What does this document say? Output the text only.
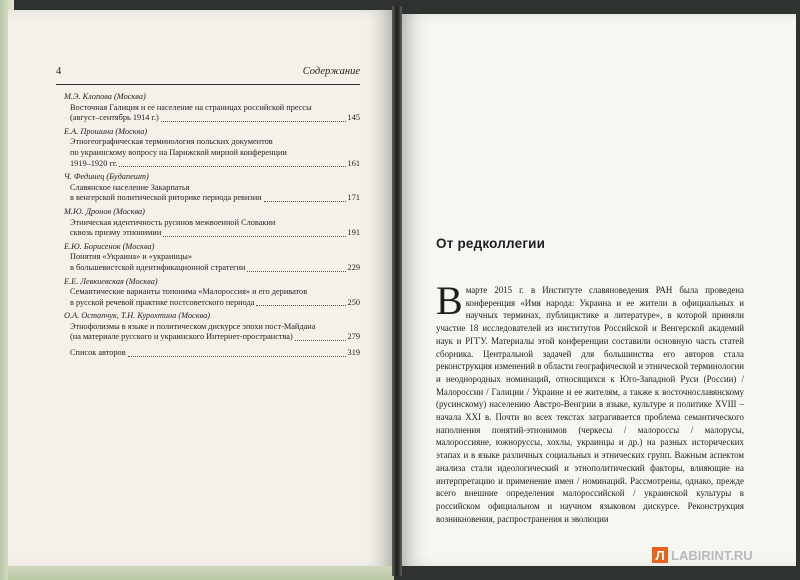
4	Содержание
М.Э. Клопова (Москва)
Восточная Галиция и ее население на страницах российской прессы
(август–сентябрь 1914 г.)	145
Е.А. Прошина (Москва)
Этногеографическая терминология польских документов
по украинскому вопросу на Парижской мирной конференции
1919–1920 гг.	161
Ч. Фединец (Будапешт)
Славянское население Закарпатья
в венгерской политической риторике периода ревизии	171
М.Ю. Дронов (Москва)
Этническая идентичность русинов межвоенной Словакии
сквозь призму этнонимии	191
Е.Ю. Борисенок (Москва)
Понятия «Украина» и «украинцы»
в большевистской идентификационной стратегии	229
Е.Е. Левкиевская (Москва)
Семантические варианты топонима «Малороссия» и его дериватов
в русской речевой практике постсоветского периода	250
О.А. Остапчук, Т.Н. Курохтина (Москва)
Этнофолизмы в языке и политическом дискурсе эпохи пост-Майдана
(на материале русского и украинского Интернет-пространства)	279
Список авторов	319
От редколлегии

Вмарте 2015 г. в Институте славяноведения РАН была проведена конференция «Имя народа: Украина и ее жители в официальных и научных терминах, публицистике и литературе», в которой приняли участие 18 исследователей из институтов Российской и Венгерской академий наук и РГГУ. Материалы этой конференции составили основную часть статей сборника. Центральной задачей для большинства его авторов стала реконструкция изменений в области географической и этнической терминологии и неоднородных номинаций, относящихся к Юго-Западной Руси (России) / Малороссии / Галиции / Украине и ее жителям, а также к восточнославянскому (русинскому) населению Австро-Венгрии в языке, культуре и политике XVIII – начала XXI в. Почти во всех текстах затрагивается проблема семантического наполнения понятий-этнонимов (черкесы / малороссы / малорусы, малороссияне, южноруссы, хохлы, украинцы и др.) на разных исторических этапах и в языке различных социальных и этнических групп. Важным аспектом анализа стали идеологический и этнополитический факторы, влияющие на интерпретацию и применение имен / номинаций. Рассмотрены, однако, прежде всего внешние определения малороссийской / украинской культуры в российском официальном и научном языковом дискурсе. Реконструкция возникновения, распространения и эволюции

Л LABIRINT.RU
